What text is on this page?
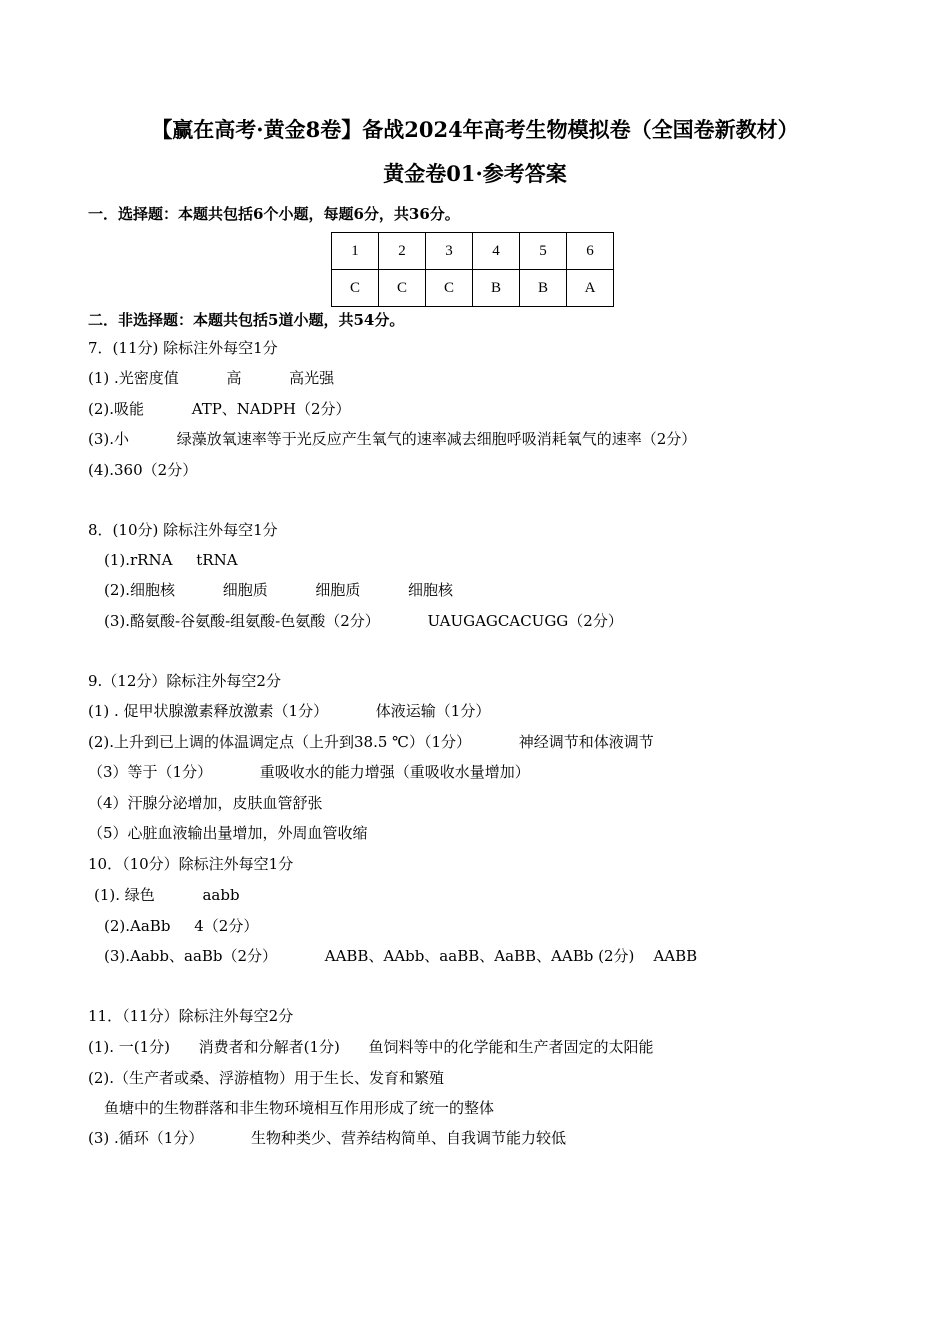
【赢在高考·黄金8卷】备战2024年高考生物模拟卷（全国卷新教材）
黄金卷01·参考答案
一．选择题：本题共包括6个小题，每题6分，共36分。
1	2	3	4	5	6
C	C	C	B	B	A
二．非选择题：本题共包括5道小题，共54分。
7．(11分) 除标注外每空1分
(1) .光密度值          高          高光强
(2).吸能          ATP、NADPH（2分）
(3).小          绿藻放氧速率等于光反应产生氧气的速率减去细胞呼吸消耗氧气的速率（2分）
(4).360（2分）
8．(10分) 除标注外每空1分
(1).rRNA     tRNA
(2).细胞核          细胞质          细胞质          细胞核
(3).酪氨酸-谷氨酸-组氨酸-色氨酸（2分）          UAUGAGCACUGG（2分）
9.（12分）除标注外每空2分
(1) . 促甲状腺激素释放激素（1分）          体液运输（1分）
(2).上升到已上调的体温调定点（上升到38.5 ℃）（1分）          神经调节和体液调节
（3）等于（1分）          重吸收水的能力增强（重吸收水量增加）
（4）汗腺分泌增加，皮肤血管舒张
（5）心脏血液输出量增加，外周血管收缩
10．（10分）除标注外每空1分
(1). 绿色          aabb
(2).AaBb     4（2分）
(3).Aabb、aaBb（2分）          AABB、AAbb、aaBB、AaBB、AABb (2分)    AABB
11．（11分）除标注外每空2分
(1). 一(1分)      消费者和分解者(1分)      鱼饲料等中的化学能和生产者固定的太阳能
(2).（生产者或桑、浮游植物）用于生长、发育和繁殖
鱼塘中的生物群落和非生物环境相互作用形成了统一的整体
(3) .循环（1分）          生物种类少、营养结构简单、自我调节能力较低
